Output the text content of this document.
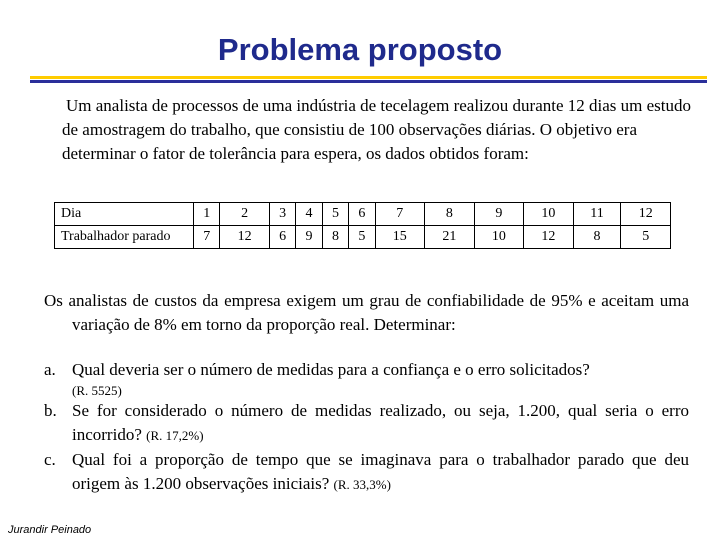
Problema proposto

Um analista de processos de uma indústria de tecelagem realizou durante 12 dias um estudo de amostragem do trabalho, que consistiu de 100 observações diárias. O objetivo era determinar o fator de tolerância para espera, os dados obtidos foram:

Dia	1	2	3	4	5	6	7	8	9	10	11	12
Trabalhador parado	7	12	6	9	8	5	15	21	10	12	8	5

Os analistas de custos da empresa exigem um grau de confiabilidade de 95% e aceitam uma variação de 8% em torno da proporção real. Determinar:

a. Qual deveria ser o número de medidas para a confiança e o erro solicitados?
(R. 5525)
b. Se for considerado o número de medidas realizado, ou seja, 1.200, qual seria o erro incorrido? (R. 17,2%)
c. Qual foi a proporção de tempo que se imaginava para o trabalhador parado que deu origem às 1.200 observações iniciais? (R. 33,3%)
Jurandir Peinado
